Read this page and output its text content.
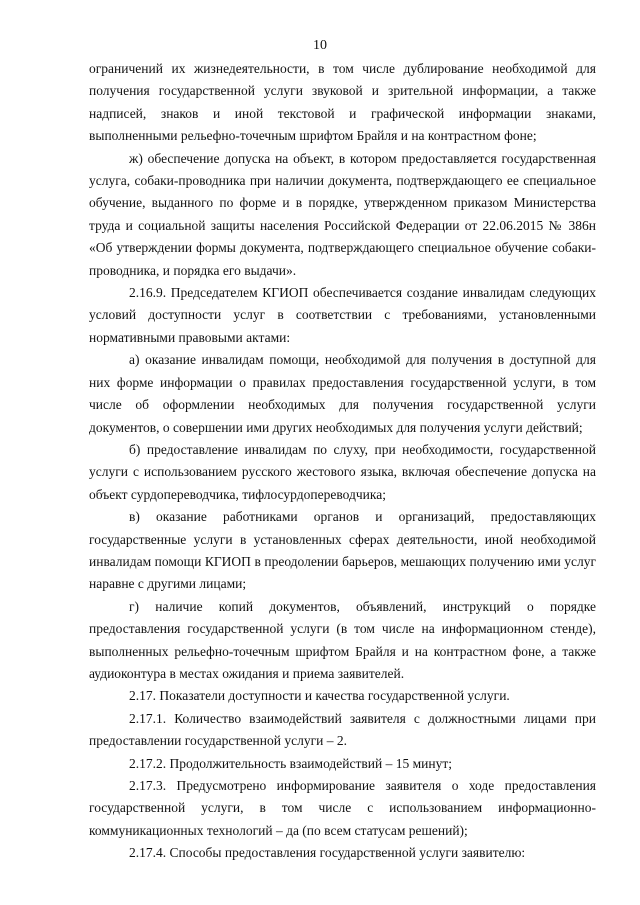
10

ограничений их жизнедеятельности, в том числе дублирование необходимой для получения государственной услуги звуковой и зрительной информации, а также надписей, знаков и иной текстовой и графической информации знаками, выполненными рельефно-точечным шрифтом Брайля и на контрастном фоне;

ж) обеспечение допуска на объект, в котором предоставляется государственная услуга, собаки-проводника при наличии документа, подтверждающего ее специальное обучение, выданного по форме и в порядке, утвержденном приказом Министерства труда и социальной защиты населения Российской Федерации от 22.06.2015 № 386н «Об утверждении формы документа, подтверждающего специальное обучение собаки-проводника, и порядка его выдачи».

2.16.9. Председателем КГИОП обеспечивается создание инвалидам следующих условий доступности услуг в соответствии с требованиями, установленными нормативными правовыми актами:

а) оказание инвалидам помощи, необходимой для получения в доступной для них форме информации о правилах предоставления государственной услуги, в том числе об оформлении необходимых для получения государственной услуги документов, о совершении ими других необходимых для получения услуги действий;

б) предоставление инвалидам по слуху, при необходимости, государственной услуги с использованием русского жестового языка, включая обеспечение допуска на объект сурдопереводчика, тифлосурдопереводчика;

в) оказание работниками органов и организаций, предоставляющих государственные услуги в установленных сферах деятельности, иной необходимой инвалидам помощи КГИОП в преодолении барьеров, мешающих получению ими услуг наравне с другими лицами;

г) наличие копий документов, объявлений, инструкций о порядке предоставления государственной услуги (в том числе на информационном стенде), выполненных рельефно-точечным шрифтом Брайля и на контрастном фоне, а также аудиоконтура в местах ожидания и приема заявителей.

2.17. Показатели доступности и качества государственной услуги.

2.17.1. Количество взаимодействий заявителя с должностными лицами при предоставлении государственной услуги – 2.

2.17.2. Продолжительность взаимодействий – 15 минут;

2.17.3. Предусмотрено информирование заявителя о ходе предоставления государственной услуги, в том числе с использованием информационно-коммуникационных технологий – да (по всем статусам решений);

2.17.4. Способы предоставления государственной услуги заявителю:
